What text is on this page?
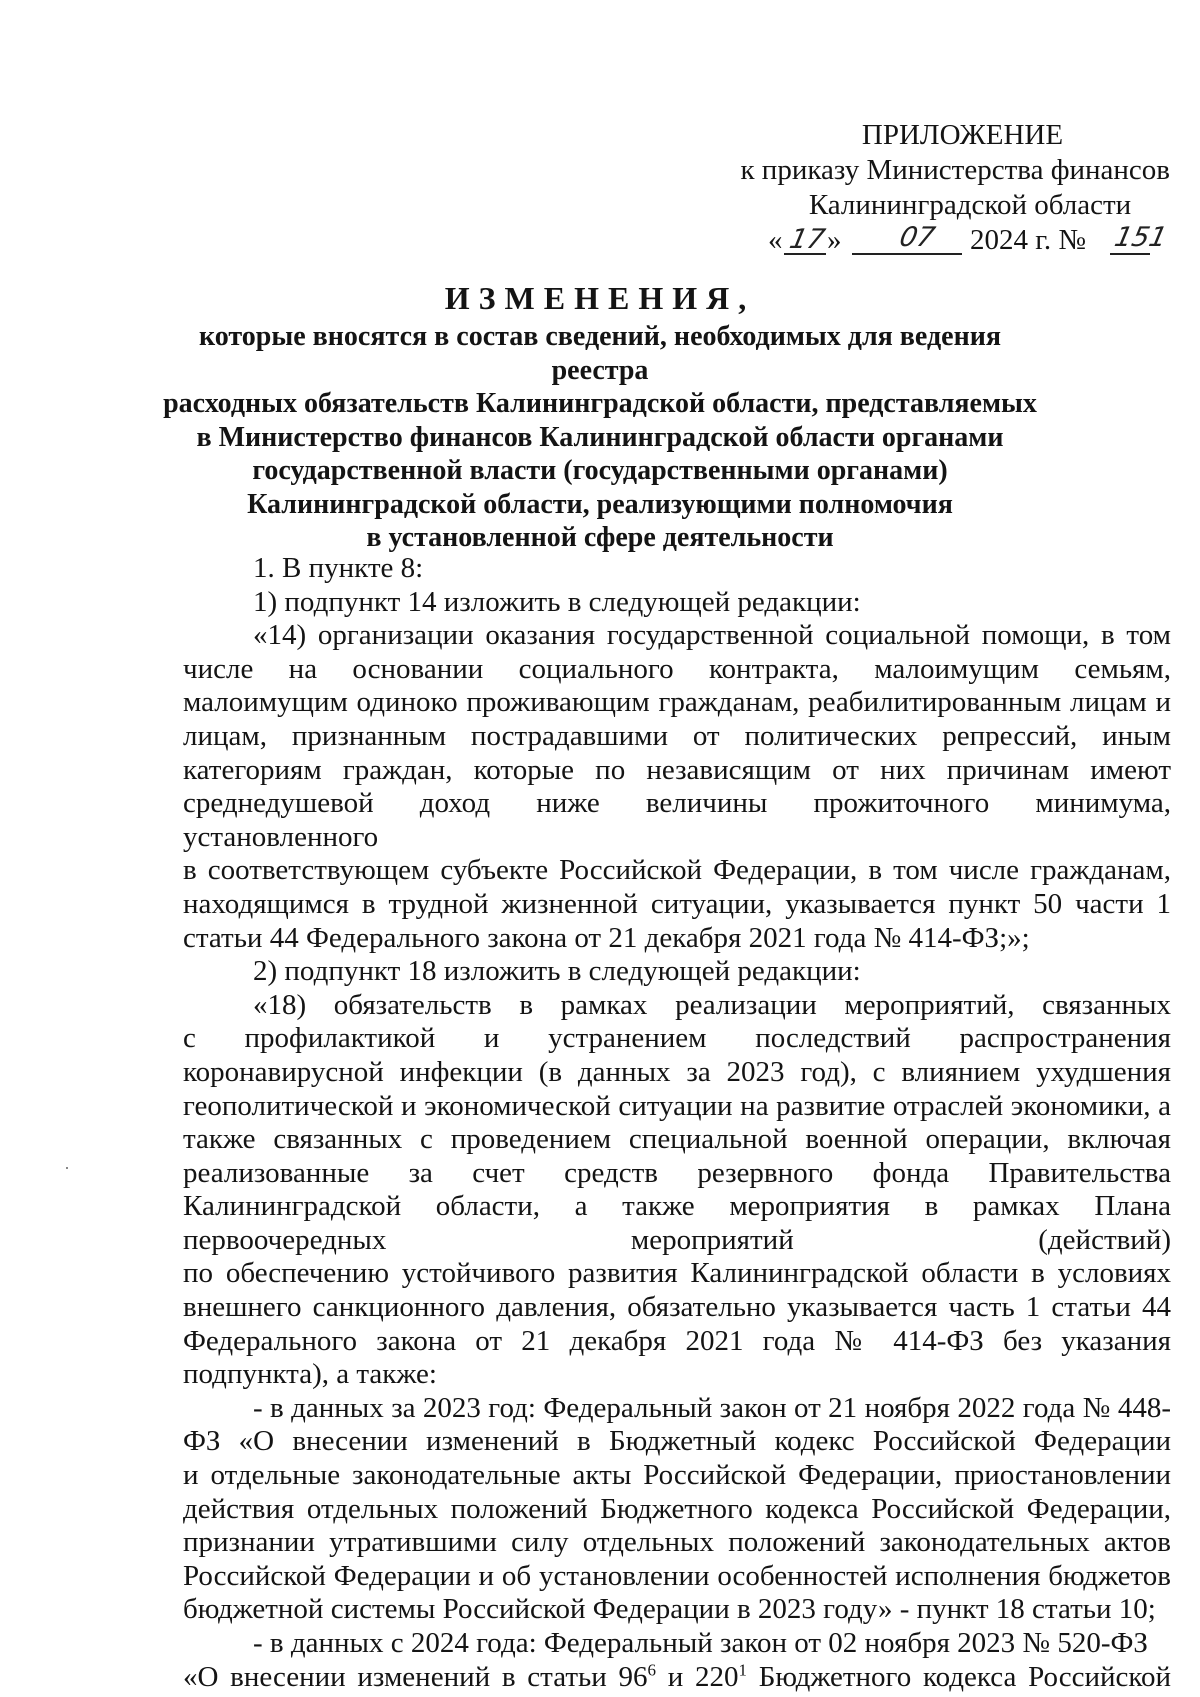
ПРИЛОЖЕНИЕ
к приказу Министерства финансов
Калининградской области
« 17 » 07 2024 г. № 151
ИЗМЕНЕНИЯ,
которые вносятся в состав сведений, необходимых для ведения реестра
расходных обязательств Калининградской области, представляемых
в Министерство финансов Калининградской области органами
государственной власти (государственными органами)
Калининградской области, реализующими полномочия
в установленной сфере деятельности

1. В пункте 8:

1) подпункт 14 изложить в следующей редакции:

«14) организации оказания государственной социальной помощи, в том числе на основании социального контракта, малоимущим семьям, малоимущим одиноко проживающим гражданам, реабилитированным лицам и лицам, признанным пострадавшими от политических репрессий, иным категориям граждан, которые по независящим от них причинам имеют среднедушевой доход ниже величины прожиточного минимума, установленного

в соответствующем субъекте Российской Федерации, в том числе гражданам, находящимся в трудной жизненной ситуации, указывается пункт 50 части 1 статьи 44 Федерального закона от 21 декабря 2021 года № 414-ФЗ;»;

2) подпункт 18 изложить в следующей редакции:

«18) обязательств в рамках реализации мероприятий, связанных

с профилактикой и устранением последствий распространения коронавирусной инфекции (в данных за 2023 год), с влиянием ухудшения геополитической и экономической ситуации на развитие отраслей экономики, а также связанных с проведением специальной военной операции, включая реализованные за счет средств резервного фонда Правительства Калининградской области, а также мероприятия в рамках Плана первоочередных мероприятий (действий)

по обеспечению устойчивого развития Калининградской области в условиях внешнего санкционного давления, обязательно указывается часть 1 статьи 44 Федерального закона от 21 декабря 2021 года № 414-ФЗ без указания подпункта), а также:

- в данных за 2023 год: Федеральный закон от 21 ноября 2022 года № 448-ФЗ «О внесении изменений в Бюджетный кодекс Российской Федерации

и отдельные законодательные акты Российской Федерации, приостановлении действия отдельных положений Бюджетного кодекса Российской Федерации, признании утратившими силу отдельных положений законодательных актов Российской Федерации и об установлении особенностей исполнения бюджетов бюджетной системы Российской Федерации в 2023 году» - пункт 18 статьи 10;

- в данных с 2024 года: Федеральный закон от 02 ноября 2023 № 520-ФЗ

«О внесении изменений в статьи $96^6$ и $220^1$ Бюджетного кодекса Российской
